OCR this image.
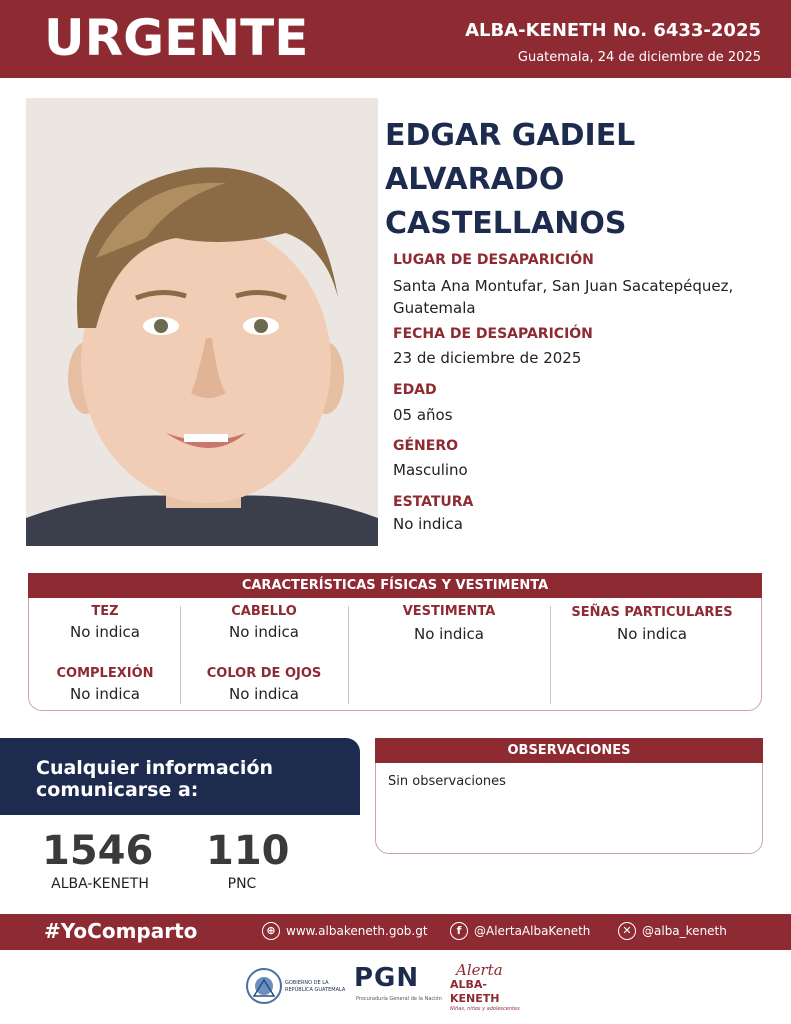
URGENTE	ALBA-KENETH No. 6433-2025
Guatemala, 24 de diciembre de 2025
EDGAR GADIEL
ALVARADO
CASTELLANOS
LUGAR DE DESAPARICIÓN
Santa Ana Montufar, San Juan Sacatepéquez,
Guatemala
FECHA DE DESAPARICIÓN
23 de diciembre de 2025
EDAD
05 años
GÉNERO
Masculino
ESTATURA
No indica
CARACTERÍSTICAS FÍSICAS Y VESTIMENTA
TEZ
No indica
CABELLO
No indica
VESTIMENTA
No indica
SEÑAS PARTICULARES
No indica
COMPLEXIÓN
No indica
COLOR DE OJOS
No indica
Cualquier información
comunicarse a:
1546
ALBA-KENETH
110
PNC
OBSERVACIONES
Sin observaciones
#YoComparto	⊕ www.albakeneth.gob.gt	f	@AlertaAlbaKeneth	✕ @alba_keneth
GOBIERNO DE LA REPÚBLICA GUATEMALA PGN
Procuraduría General de la Nación
Alerta
ALBA-KENETH
Niñas, niños y adolescentes
